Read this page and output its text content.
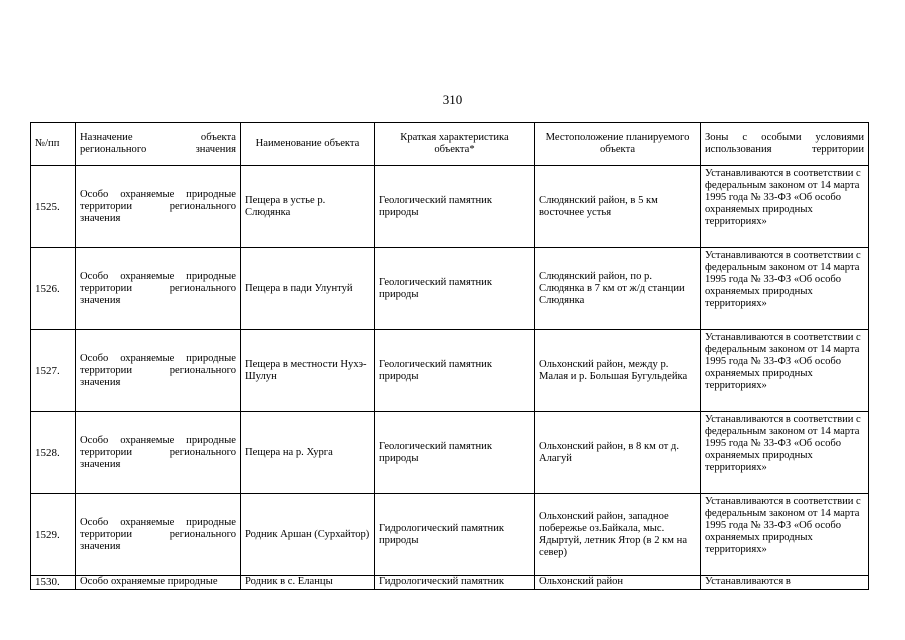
310
№/пп	Назначение объекта регионального значения	Наименование объекта	Краткая характеристика объекта*	Местоположение планируемого объекта	Зоны с особыми условиями использования территории
1525.	Особо охраняемые природные территории регионального значения	Пещера в устье р. Слюдянка	Геологический памятник природы	Слюдянский район, в 5 км восточнее устья	Устанавливаются в соответствии с федеральным законом от 14 марта 1995 года № 33-ФЗ «Об особо охраняемых природных территориях»
1526.	Особо охраняемые природные территории регионального значения	Пещера в пади Улунтуй	Геологический памятник природы	Слюдянский район, по р. Слюдянка в 7 км от ж/д станции Слюдянка	Устанавливаются в соответствии с федеральным законом от 14 марта 1995 года № 33-ФЗ «Об особо охраняемых природных территориях»
1527.	Особо охраняемые природные территории регионального значения	Пещера в местности Нухэ-Шулун	Геологический памятник природы	Ольхонский район, между р. Малая и р. Большая Бугульдейка	Устанавливаются в соответствии с федеральным законом от 14 марта 1995 года № 33-ФЗ «Об особо охраняемых природных территориях»
1528.	Особо охраняемые природные территории регионального значения	Пещера на р. Хурга	Геологический памятник природы	Ольхонский район, в 8 км от д. Алагуй	Устанавливаются в соответствии с федеральным законом от 14 марта 1995 года № 33-ФЗ «Об особо охраняемых природных территориях»
1529.	Особо охраняемые природные территории регионального значения	Родник Аршан (Сурхайтор)	Гидрологический памятник природы	Ольхонский район, западное побережье оз.Байкала, мыс. Ядыртуй, летник Ятор (в 2 км на север)	Устанавливаются в соответствии с федеральным законом от 14 марта 1995 года № 33-ФЗ «Об особо охраняемых природных территориях»
1530.	Особо охраняемые природные	Родник в с. Еланцы	Гидрологический памятник	Ольхонский район	Устанавливаются в
